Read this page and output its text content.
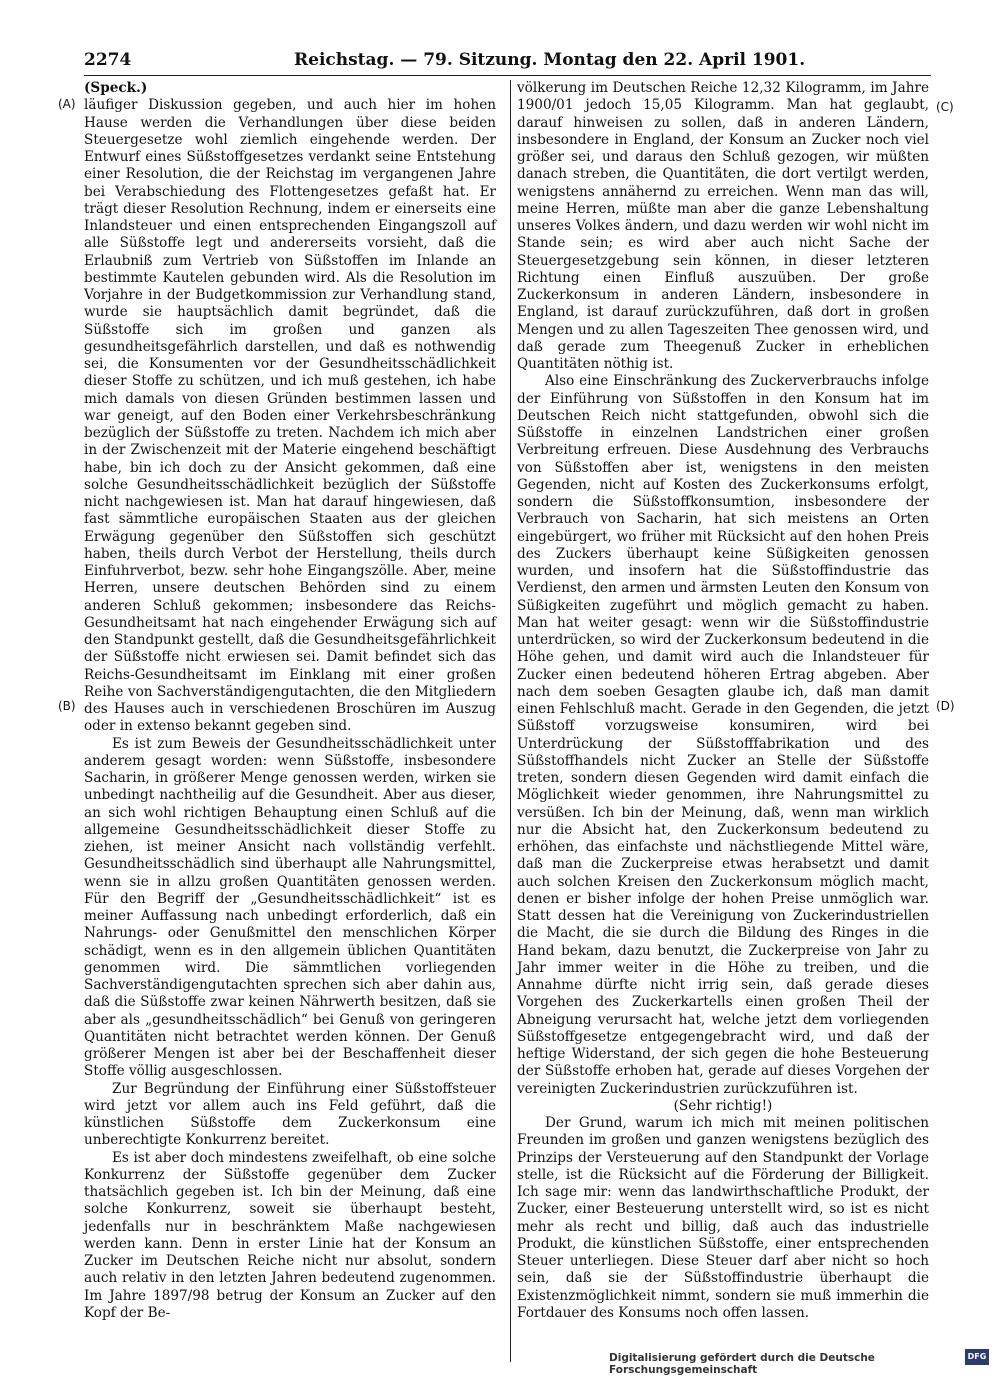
2274	Reichstag. — 79. Sitzung. Montag den 22. April 1901.
(A)
(B)
(C)
(D)

(Speck.)

läufiger Diskussion gegeben, und auch hier im hohen Hause werden die Verhandlungen über diese beiden Steuergesetze wohl ziemlich eingehende werden. Der Entwurf eines Süßstoffgesetzes verdankt seine Entstehung einer Resolution, die der Reichstag im vergangenen Jahre bei Verabschiedung des Flottengesetzes gefaßt hat. Er trägt dieser Resolution Rechnung, indem er einerseits eine Inlandsteuer und einen entsprechenden Eingangszoll auf alle Süßstoffe legt und andererseits vorsieht, daß die Erlaubniß zum Vertrieb von Süßstoffen im Inlande an bestimmte Kautelen gebunden wird. Als die Resolution im Vorjahre in der Budgetkommission zur Verhandlung stand, wurde sie hauptsächlich damit begründet, daß die Süßstoffe sich im großen und ganzen als gesundheitsgefährlich darstellen, und daß es nothwendig sei, die Konsumenten vor der Gesundheitsschädlichkeit dieser Stoffe zu schützen, und ich muß gestehen, ich habe mich damals von diesen Gründen bestimmen lassen und war geneigt, auf den Boden einer Verkehrsbeschränkung bezüglich der Süßstoffe zu treten. Nachdem ich mich aber in der Zwischenzeit mit der Materie eingehend beschäftigt habe, bin ich doch zu der Ansicht gekommen, daß eine solche Gesundheitsschädlichkeit bezüglich der Süßstoffe nicht nachgewiesen ist. Man hat darauf hingewiesen, daß fast sämmtliche europäischen Staaten aus der gleichen Erwägung gegenüber den Süßstoffen sich geschützt haben, theils durch Verbot der Herstellung, theils durch Einfuhrverbot, bezw. sehr hohe Eingangszölle. Aber, meine Herren, unsere deutschen Behörden sind zu einem anderen Schluß gekommen; insbesondere das Reichs-Gesundheitsamt hat nach eingehender Erwägung sich auf den Standpunkt gestellt, daß die Gesundheitsgefährlichkeit der Süßstoffe nicht erwiesen sei. Damit befindet sich das Reichs-Gesundheitsamt im Einklang mit einer großen Reihe von Sachverständigengutachten, die den Mitgliedern des Hauses auch in verschiedenen Broschüren im Auszug oder in extenso bekannt gegeben sind.

Es ist zum Beweis der Gesundheitsschädlichkeit unter anderem gesagt worden: wenn Süßstoffe, insbesondere Sacharin, in größerer Menge genossen werden, wirken sie unbedingt nachtheilig auf die Gesundheit. Aber aus dieser, an sich wohl richtigen Behauptung einen Schluß auf die allgemeine Gesundheitsschädlichkeit dieser Stoffe zu ziehen, ist meiner Ansicht nach vollständig verfehlt. Gesundheitsschädlich sind überhaupt alle Nahrungsmittel, wenn sie in allzu großen Quantitäten genossen werden. Für den Begriff der „Gesundheitsschädlichkeit“ ist es meiner Auffassung nach unbedingt erforderlich, daß ein Nahrungs- oder Genußmittel den menschlichen Körper schädigt, wenn es in den allgemein üblichen Quantitäten genommen wird. Die sämmtlichen vorliegenden Sachverständigengutachten sprechen sich aber dahin aus, daß die Süßstoffe zwar keinen Nährwerth besitzen, daß sie aber als „gesundheitsschädlich“ bei Genuß von geringeren Quantitäten nicht betrachtet werden können. Der Genuß größerer Mengen ist aber bei der Beschaffenheit dieser Stoffe völlig ausgeschlossen.

Zur Begründung der Einführung einer Süßstoffsteuer wird jetzt vor allem auch ins Feld geführt, daß die künstlichen Süßstoffe dem Zuckerkonsum eine unberechtigte Konkurrenz bereitet.

Es ist aber doch mindestens zweifelhaft, ob eine solche Konkurrenz der Süßstoffe gegenüber dem Zucker thatsächlich gegeben ist. Ich bin der Meinung, daß eine solche Konkurrenz, soweit sie überhaupt besteht, jedenfalls nur in beschränktem Maße nachgewiesen werden kann. Denn in erster Linie hat der Konsum an Zucker im Deutschen Reiche nicht nur absolut, sondern auch relativ in den letzten Jahren bedeutend zugenommen. Im Jahre 1897/98 betrug der Konsum an Zucker auf den Kopf der Be-

völkerung im Deutschen Reiche 12,32 Kilogramm, im Jahre 1900/01 jedoch 15,05 Kilogramm. Man hat geglaubt, darauf hinweisen zu sollen, daß in anderen Ländern, insbesondere in England, der Konsum an Zucker noch viel größer sei, und daraus den Schluß gezogen, wir müßten danach streben, die Quantitäten, die dort vertilgt werden, wenigstens annähernd zu erreichen. Wenn man das will, meine Herren, müßte man aber die ganze Lebenshaltung unseres Volkes ändern, und dazu werden wir wohl nicht im Stande sein; es wird aber auch nicht Sache der Steuergesetzgebung sein können, in dieser letzteren Richtung einen Einfluß auszuüben. Der große Zuckerkonsum in anderen Ländern, insbesondere in England, ist darauf zurückzuführen, daß dort in großen Mengen und zu allen Tageszeiten Thee genossen wird, und daß gerade zum Theegenuß Zucker in erheblichen Quantitäten nöthig ist.

Also eine Einschränkung des Zuckerverbrauchs infolge der Einführung von Süßstoffen in den Konsum hat im Deutschen Reich nicht stattgefunden, obwohl sich die Süßstoffe in einzelnen Landstrichen einer großen Verbreitung erfreuen. Diese Ausdehnung des Verbrauchs von Süßstoffen aber ist, wenigstens in den meisten Gegenden, nicht auf Kosten des Zuckerkonsums erfolgt, sondern die Süßstoffkonsumtion, insbesondere der Verbrauch von Sacharin, hat sich meistens an Orten eingebürgert, wo früher mit Rücksicht auf den hohen Preis des Zuckers überhaupt keine Süßigkeiten genossen wurden, und insofern hat die Süßstoffindustrie das Verdienst, den armen und ärmsten Leuten den Konsum von Süßigkeiten zugeführt und möglich gemacht zu haben. Man hat weiter gesagt: wenn wir die Süßstoffindustrie unterdrücken, so wird der Zuckerkonsum bedeutend in die Höhe gehen, und damit wird auch die Inlandsteuer für Zucker einen bedeutend höheren Ertrag abgeben. Aber nach dem soeben Gesagten glaube ich, daß man damit einen Fehlschluß macht. Gerade in den Gegenden, die jetzt Süßstoff vorzugsweise konsumiren, wird bei Unterdrückung der Süßstofffabrikation und des Süßstoffhandels nicht Zucker an Stelle der Süßstoffe treten, sondern diesen Gegenden wird damit einfach die Möglichkeit wieder genommen, ihre Nahrungsmittel zu versüßen. Ich bin der Meinung, daß, wenn man wirklich nur die Absicht hat, den Zuckerkonsum bedeutend zu erhöhen, das einfachste und nächstliegende Mittel wäre, daß man die Zuckerpreise etwas herabsetzt und damit auch solchen Kreisen den Zuckerkonsum möglich macht, denen er bisher infolge der hohen Preise unmöglich war. Statt dessen hat die Vereinigung von Zuckerindustriellen die Macht, die sie durch die Bildung des Ringes in die Hand bekam, dazu benutzt, die Zuckerpreise von Jahr zu Jahr immer weiter in die Höhe zu treiben, und die Annahme dürfte nicht irrig sein, daß gerade dieses Vorgehen des Zuckerkartells einen großen Theil der Abneigung verursacht hat, welche jetzt dem vorliegenden Süßstoffgesetze entgegengebracht wird, und daß der heftige Widerstand, der sich gegen die hohe Besteuerung der Süßstoffe erhoben hat, gerade auf dieses Vorgehen der vereinigten Zuckerindustrien zurückzuführen ist.

(Sehr richtig!)

Der Grund, warum ich mich mit meinen politischen Freunden im großen und ganzen wenigstens bezüglich des Prinzips der Versteuerung auf den Standpunkt der Vorlage stelle, ist die Rücksicht auf die Förderung der Billigkeit. Ich sage mir: wenn das landwirthschaftliche Produkt, der Zucker, einer Besteuerung unterstellt wird, so ist es nicht mehr als recht und billig, daß auch das industrielle Produkt, die künstlichen Süßstoffe, einer entsprechenden Steuer unterliegen. Diese Steuer darf aber nicht so hoch sein, daß sie der Süßstoffindustrie überhaupt die Existenzmöglichkeit nimmt, sondern sie muß immerhin die Fortdauer des Konsums noch offen lassen.

Digitalisierung gefördert durch die Deutsche Forschungsgemeinschaft
DFG
